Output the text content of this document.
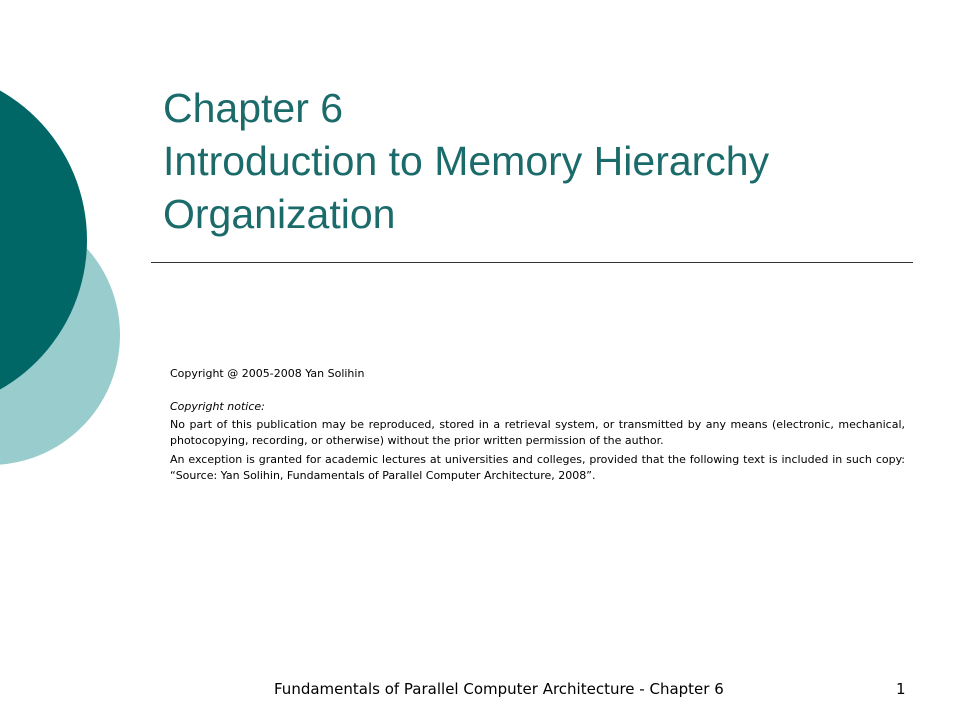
Chapter 6
Introduction to Memory Hierarchy
Organization

Copyright @ 2005-2008 Yan Solihin

Copyright notice:

No part of this publication may be reproduced, stored in a retrieval system, or transmitted by any means (electronic, mechanical, photocopying, recording, or otherwise) without the prior written permission of the author.

An exception is granted for academic lectures at universities and colleges, provided that the following text is included in such copy: “Source: Yan Solihin, Fundamentals of Parallel Computer Architecture, 2008”.

Fundamentals of Parallel Computer Architecture - Chapter 6	1
